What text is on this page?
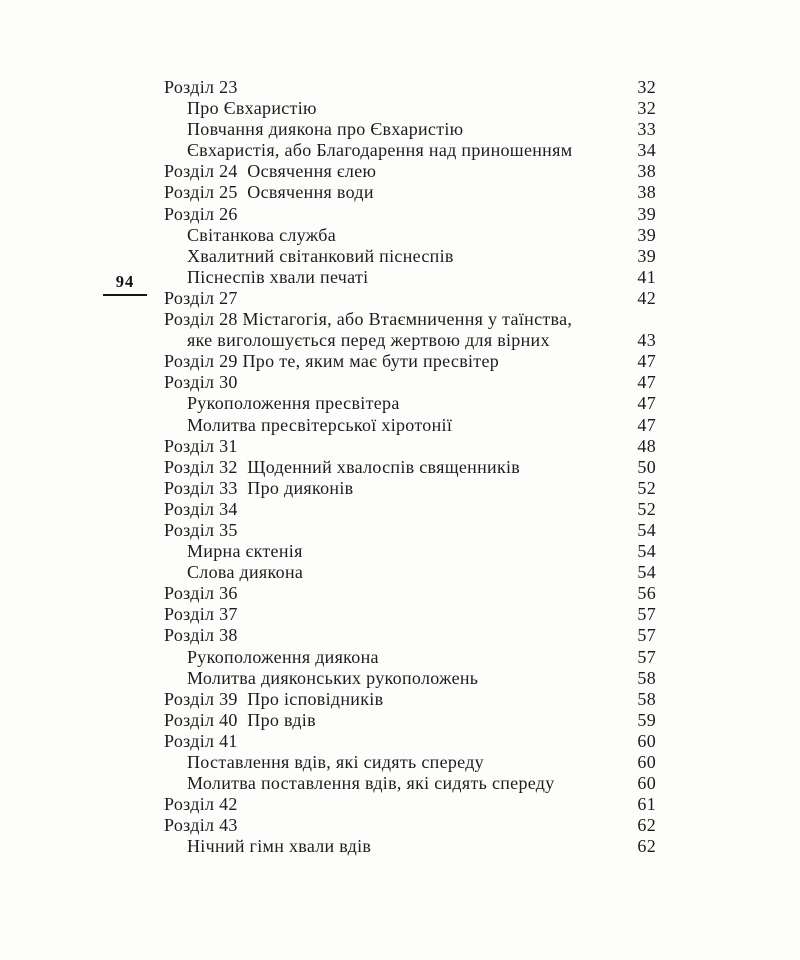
94
Розділ 23	32
Про Євхаристію	32
Повчання диякона про Євхаристію	33
Євхаристія, або Благодарення над приношенням	34
Розділ 24  Освячення єлею	38
Розділ 25  Освячення води	38
Розділ 26	39
Світанкова служба	39
Хвалитний світанковий піснеспів	39
Піснеспів хвали печаті	41
Розділ 27	42
Розділ 28 Містагогія, або Втаємничення у таїнства,
яке виголошується перед жертвою для вірних	43
Розділ 29 Про те, яким має бути пресвітер	47
Розділ 30	47
Рукоположення пресвітера	47
Молитва пресвітерської хіротонії	47
Розділ 31	48
Розділ 32  Щоденний хвалоспів священників	50
Розділ 33  Про дияконів	52
Розділ 34	52
Розділ 35	54
Мирна єктенія	54
Слова диякона	54
Розділ 36	56
Розділ 37	57
Розділ 38	57
Рукоположення диякона	57
Молитва дияконських рукоположень	58
Розділ 39  Про ісповідників	58
Розділ 40  Про вдів	59
Розділ 41	60
Поставлення вдів, які сидять спереду	60
Молитва поставлення вдів, які сидять спереду	60
Розділ 42	61
Розділ 43	62
Нічний гімн хвали вдів	62
